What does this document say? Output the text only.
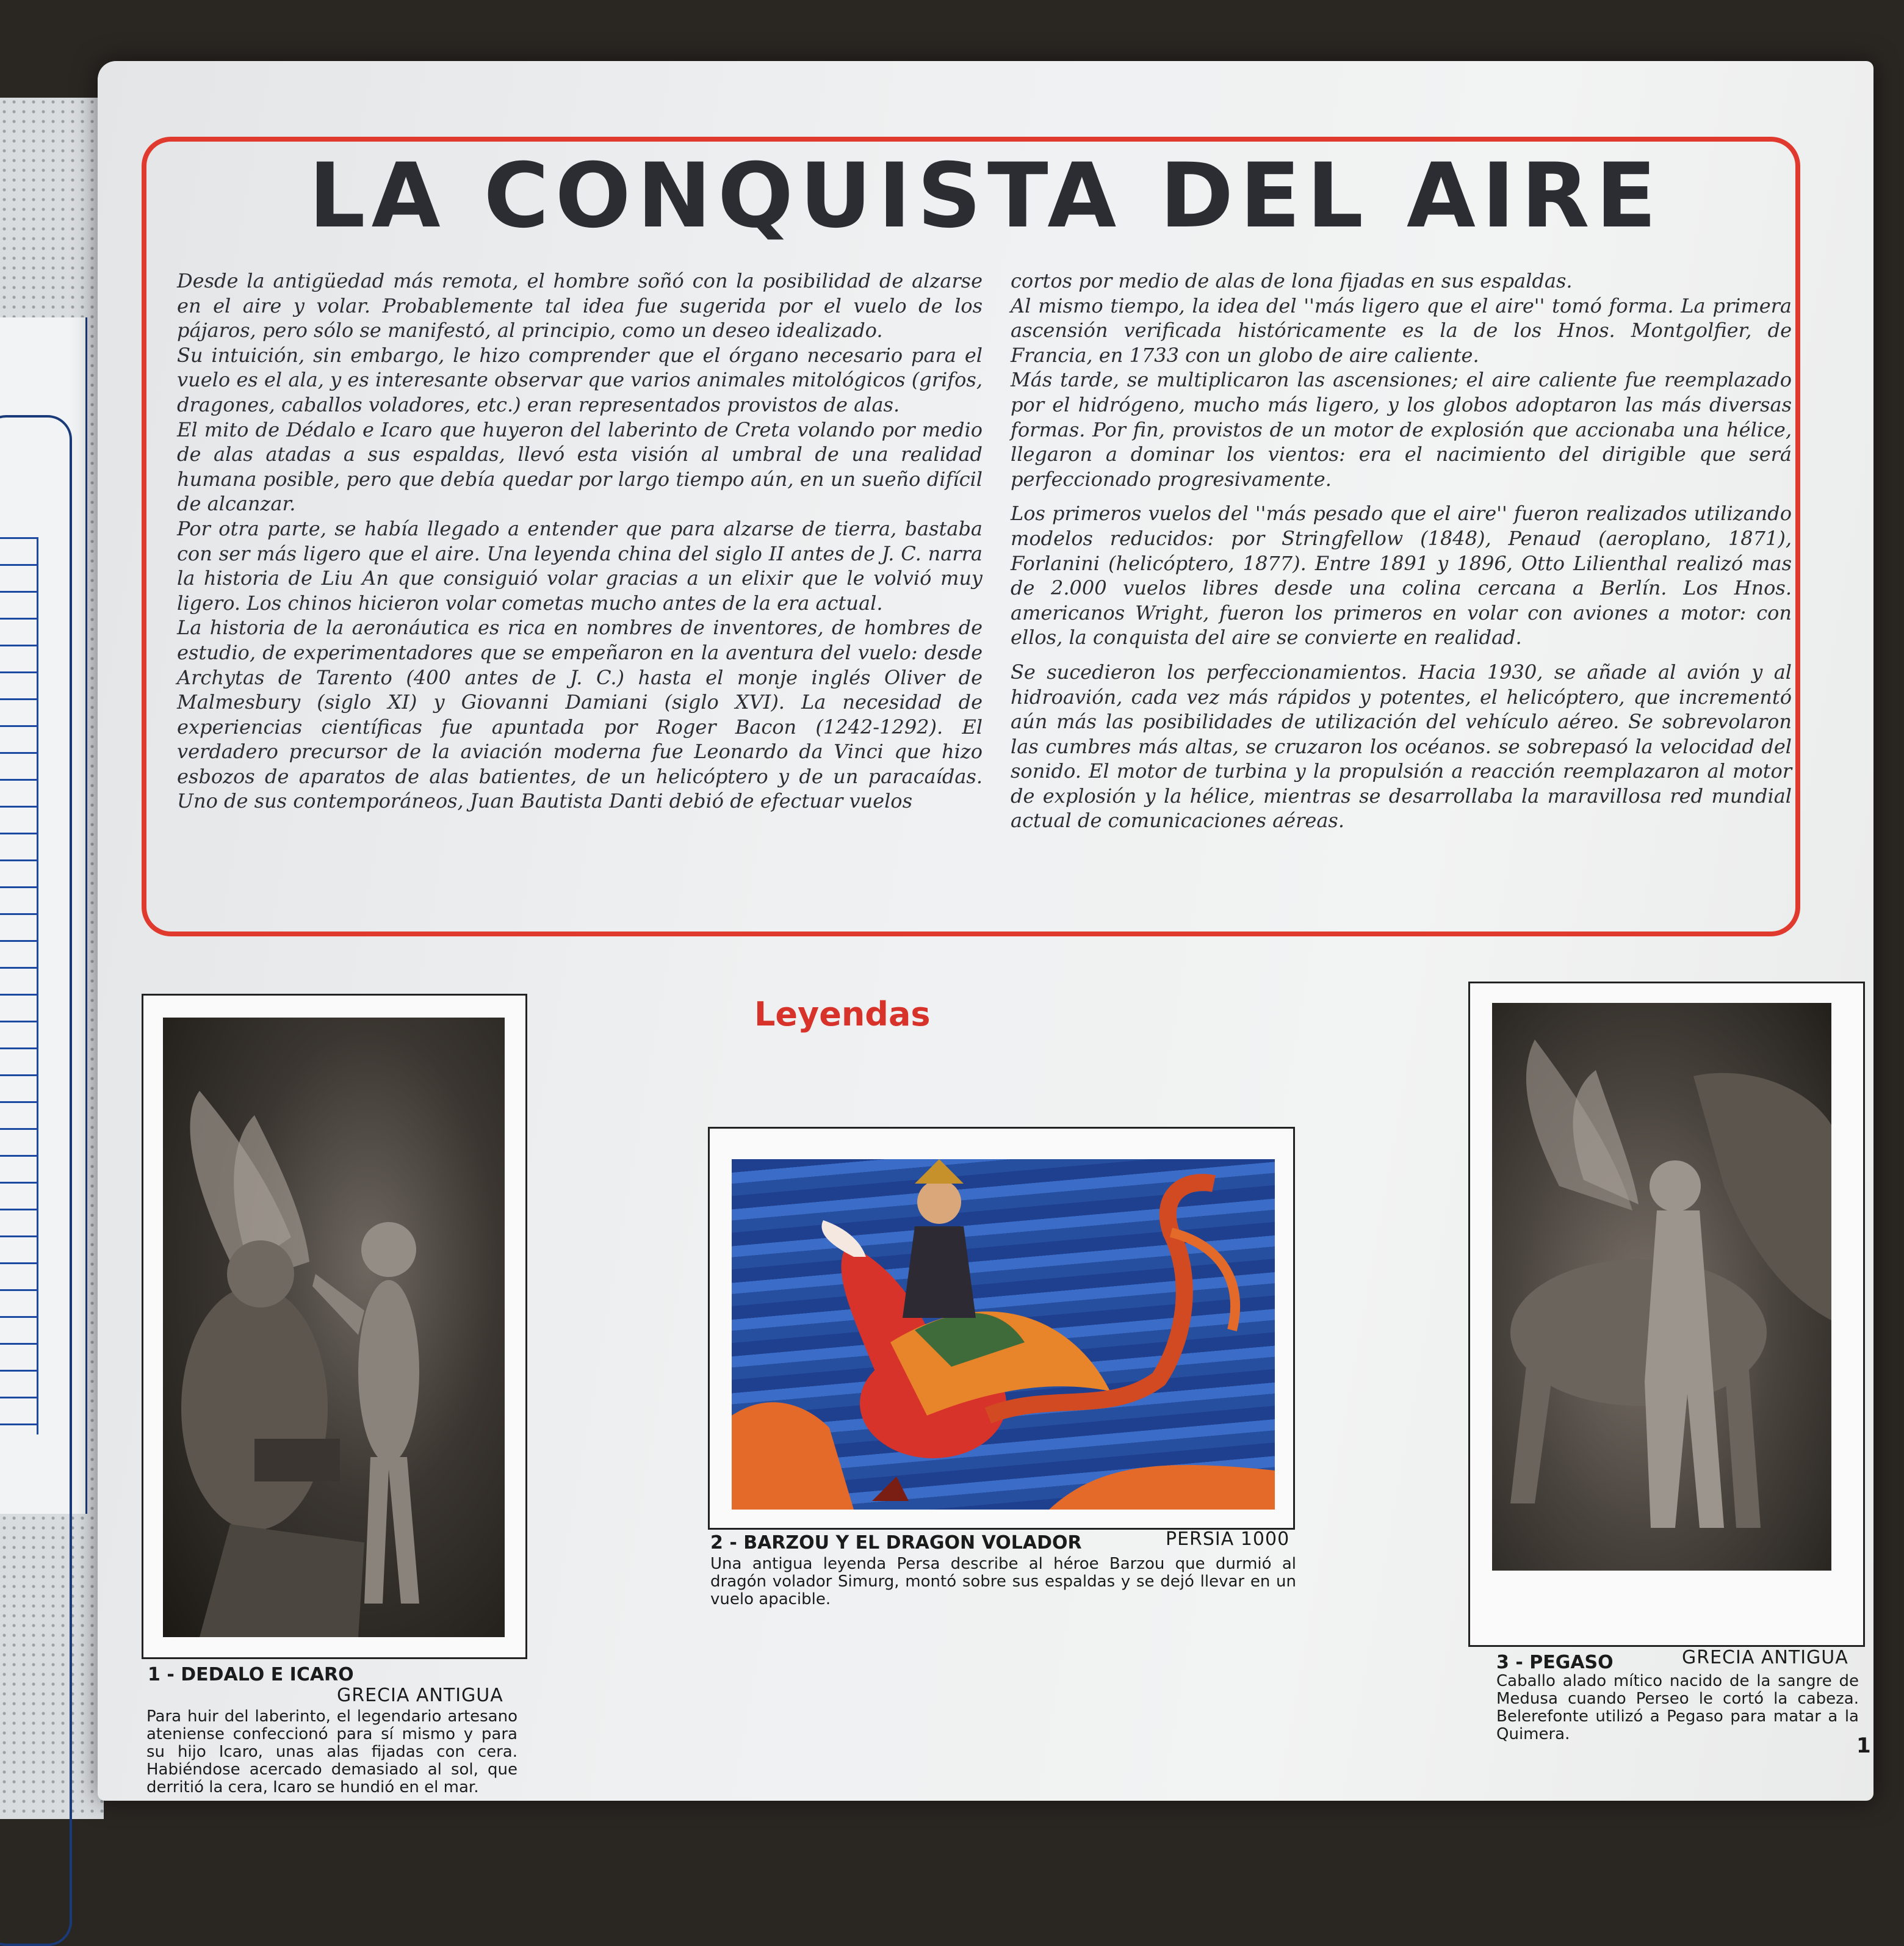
LA CONQUISTA DEL AIRE

Desde la antigüedad más remota, el hombre soñó con la posibilidad de alzarse en el aire y volar. Probablemente tal idea fue sugerida por el vuelo de los pájaros, pero sólo se manifestó, al principio, como un deseo idealizado.

Su intuición, sin embargo, le hizo comprender que el órgano necesario para el vuelo es el ala, y es interesante observar que varios animales mitológicos (grifos, dragones, caballos voladores, etc.) eran representados provistos de alas.

El mito de Dédalo e Icaro que huyeron del laberinto de Creta volando por medio de alas atadas a sus espaldas, llevó esta visión al umbral de una realidad humana posible, pero que debía quedar por largo tiempo aún, en un sueño difícil de alcanzar.

Por otra parte, se había llegado a entender que para alzarse de tierra, bastaba con ser más ligero que el aire. Una leyenda china del siglo II antes de J. C. narra la historia de Liu An que consiguió volar gracias a un elixir que le volvió muy ligero. Los chinos hicieron volar cometas mucho antes de la era actual.

La historia de la aeronáutica es rica en nombres de inventores, de hombres de estudio, de experimentadores que se empeñaron en la aventura del vuelo: desde Archytas de Tarento (400 antes de J. C.) hasta el monje inglés Oliver de Malmesbury (siglo XI) y Giovanni Damiani (siglo XVI). La necesidad de experiencias científicas fue apuntada por Roger Bacon (1242-1292). El verdadero precursor de la aviación moderna fue Leonardo da Vinci que hizo esbozos de aparatos de alas batientes, de un helicóptero y de un paracaídas. Uno de sus contemporáneos, Juan Bautista Danti debió de efectuar vuelos

cortos por medio de alas de lona fijadas en sus espaldas.

Al mismo tiempo, la idea del ''más ligero que el aire'' tomó forma. La primera ascensión verificada históricamente es la de los Hnos. Montgolfier, de Francia, en 1733 con un globo de aire caliente.

Más tarde, se multiplicaron las ascensiones; el aire caliente fue reemplazado por el hidrógeno, mucho más ligero, y los globos adoptaron las más diversas formas. Por fin, provistos de un motor de explosión que accionaba una hélice, llegaron a dominar los vientos: era el nacimiento del dirigible que será perfeccionado progresivamente.

Los primeros vuelos del ''más pesado que el aire'' fueron realizados utilizando modelos reducidos: por Stringfellow (1848), Penaud (aeroplano, 1871), Forlanini (helicóptero, 1877). Entre 1891 y 1896, Otto Lilienthal realizó mas de 2.000 vuelos libres desde una colina cercana a Berlín. Los Hnos. americanos Wright, fueron los primeros en volar con aviones a motor: con ellos, la conquista del aire se convierte en realidad.

Se sucedieron los perfeccionamientos. Hacia 1930, se añade al avión y al hidroavión, cada vez más rápidos y potentes, el helicóptero, que incrementó aún más las posibilidades de utilización del vehículo aéreo. Se sobrevolaron las cumbres más altas, se cruzaron los océanos. se sobrepasó la velocidad del sonido. El motor de turbina y la propulsión a reacción reemplazaron al motor de explosión y la hélice, mientras se desarrollaba la maravillosa red mundial actual de comunicaciones aéreas.

Leyendas
1 - DEDALO E ICARO
GRECIA ANTIGUA
Para huir del laberinto, el legendario artesano ateniense confeccionó para sí mismo y para su hijo Icaro, unas alas fijadas con cera. Habiéndose acercado demasiado al sol, que derritió la cera, Icaro se hundió en el mar.
2 - BARZOU Y EL DRAGON VOLADOR	PERSIA 1000
Una antigua leyenda Persa describe al héroe Barzou que durmió al dragón volador Simurg, montó sobre sus espaldas y se dejó llevar en un vuelo apacible.
3 - PEGASO	GRECIA ANTIGUA
Caballo alado mítico nacido de la sangre de Medusa cuando Perseo le cortó la cabeza. Belerefonte utilizó a Pegaso para matar a la Quimera.	1
